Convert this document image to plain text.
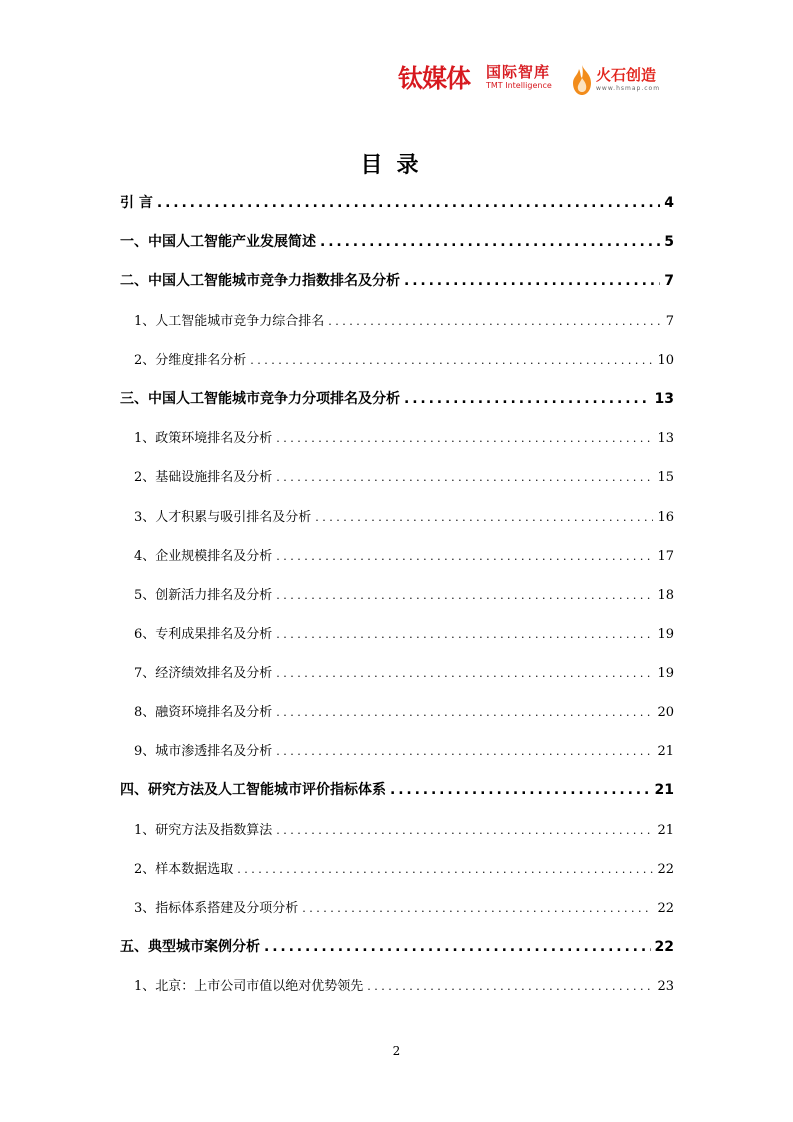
钛媒体 国际智库
TMT Intelligence
火石创造
www.hsmap.com
目录
引 言 . . .	4
一、中国人工智能产业发展简述 . . .	5
二、中国人工智能城市竞争力指数排名及分析 . . .	7
1、人工智能城市竞争力综合排名 . . .	7
2、分维度排名分析 . . .	10
三、中国人工智能城市竞争力分项排名及分析 . . .	13
1、政策环境排名及分析 . . .	13
2、基础设施排名及分析 . . .	15
3、人才积累与吸引排名及分析 . . .	16
4、企业规模排名及分析 . . .	17
5、创新活力排名及分析 . . .	18
6、专利成果排名及分析 . . .	19
7、经济绩效排名及分析 . . .	19
8、融资环境排名及分析 . . .	20
9、城市渗透排名及分析 . . .	21
四、研究方法及人工智能城市评价指标体系 . . .	21
1、研究方法及指数算法 . . .	21
2、样本数据选取 . . .	22
3、指标体系搭建及分项分析 . . .	22
五、典型城市案例分析 . . .	22
1、北京：上市公司市值以绝对优势领先 . . .	23
2
